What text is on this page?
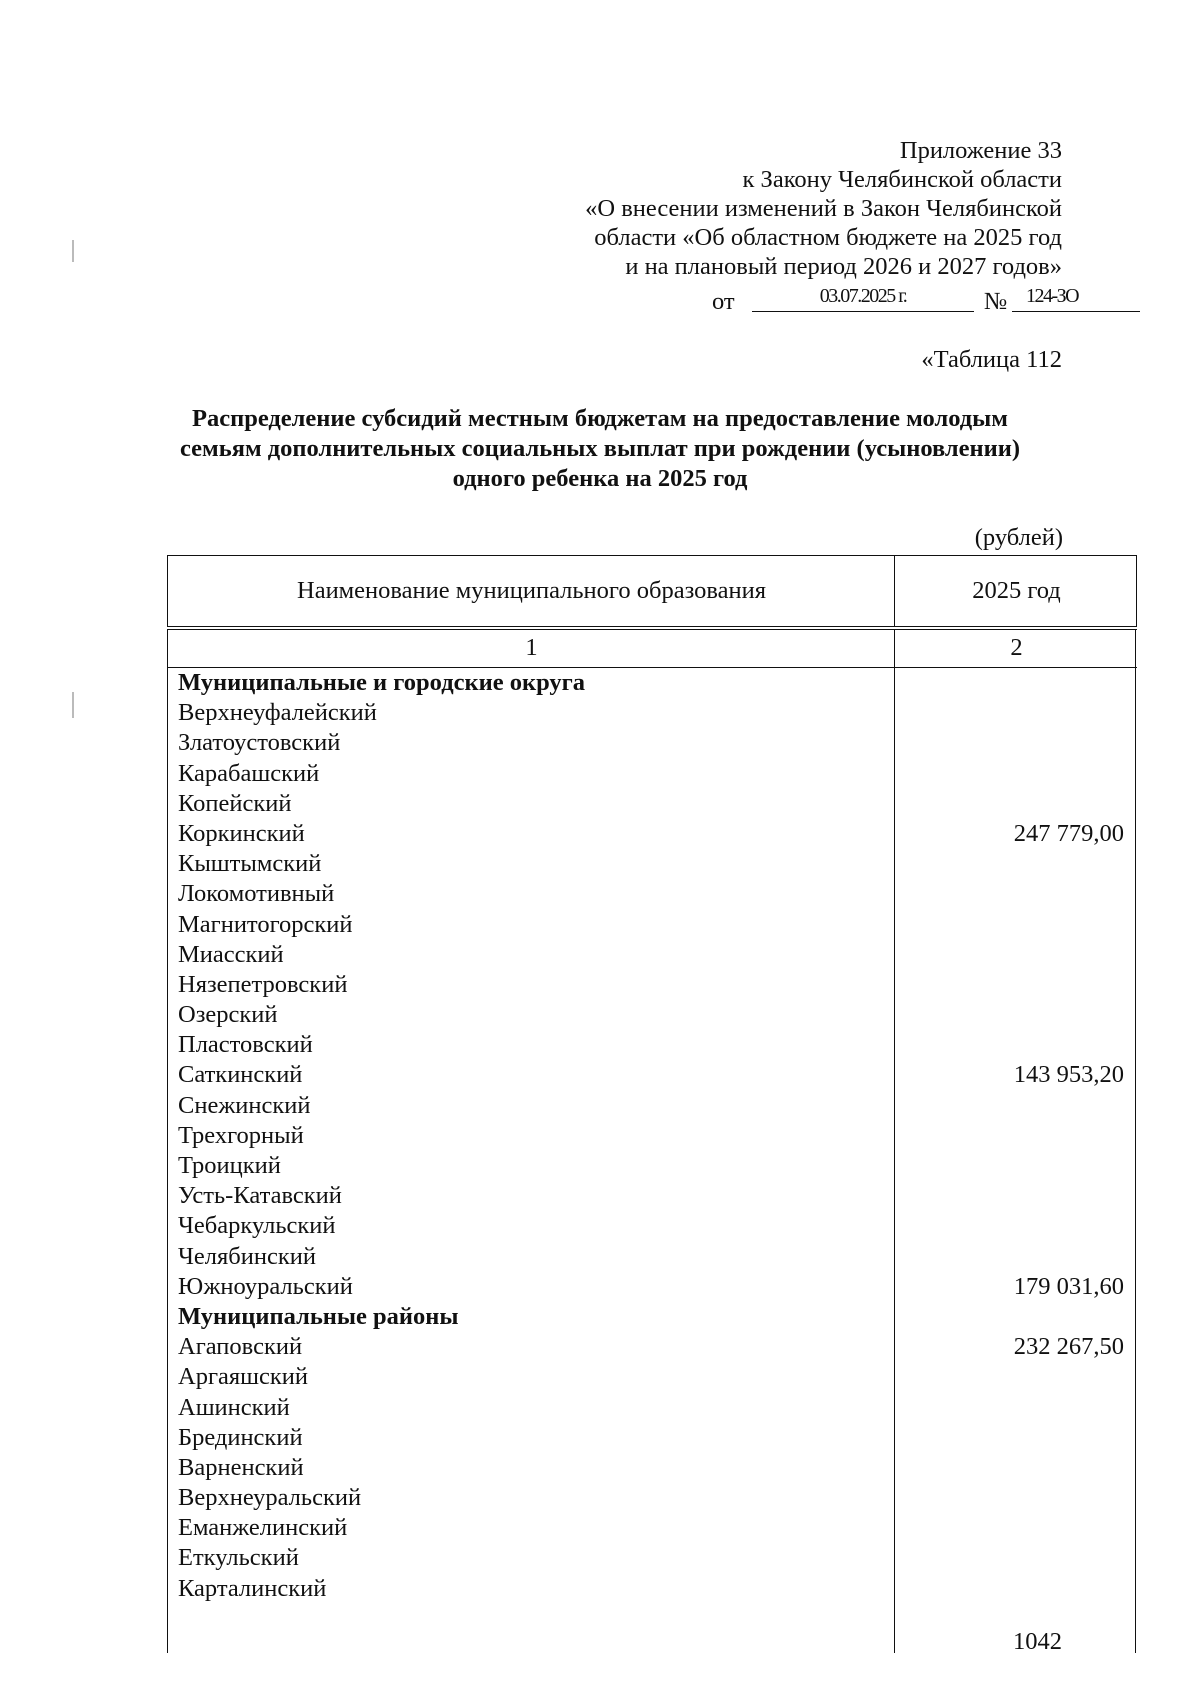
Приложение 33
к Закону Челябинской области
«О внесении изменений в Закон Челябинской
области «Об областном бюджете на 2025 год
и на плановый период 2026 и 2027 годов»
от	03.07.2025 г.	№ 124-ЗО
«Таблица 112
Распределение субсидий местным бюджетам на предоставление молодым семьям дополнительных социальных выплат при рождении (усыновлении) одного ребенка на 2025 год
(рублей)
Наименование муниципального образования	2025 год
1	2
Муниципальные и городские округа
Верхнеуфалейский
Златоустовский
Карабашский
Копейский
Коркинский	247 779,00
Кыштымский
Локомотивный
Магнитогорский
Миасский
Нязепетровский
Озерский
Пластовский
Саткинский	143 953,20
Снежинский
Трехгорный
Троицкий
Усть-Катавский
Чебаркульский
Челябинский
Южноуральский	179 031,60
Муниципальные районы
Агаповский	232 267,50
Аргаяшский
Ашинский
Брединский
Варненский
Верхнеуральский
Еманжелинский
Еткульский
Карталинский
1042
